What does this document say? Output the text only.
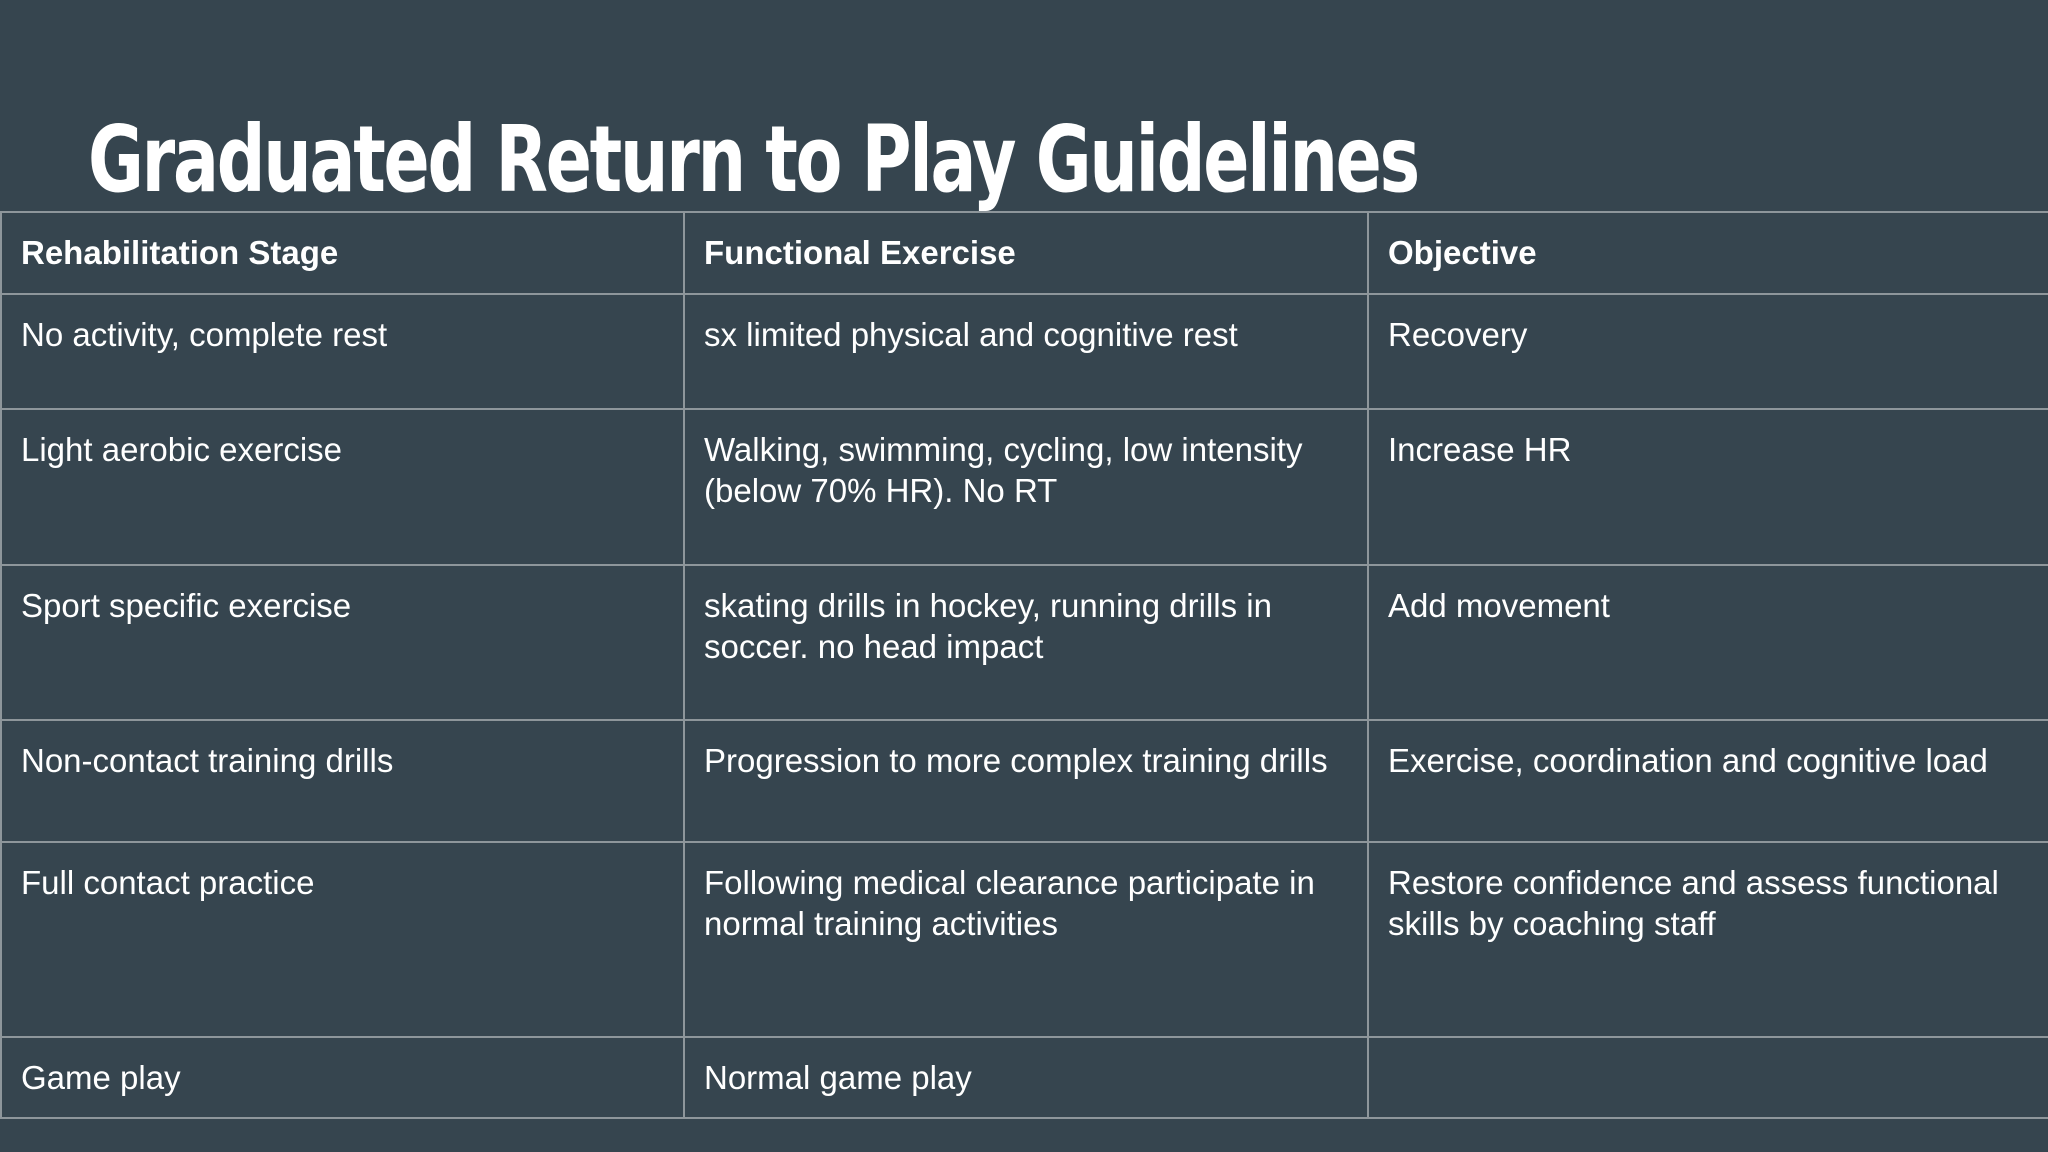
Graduated Return to Play Guidelines
Rehabilitation Stage	Functional Exercise	Objective
No activity, complete rest	sx limited physical and cognitive rest	Recovery
Light aerobic exercise	Walking, swimming, cycling, low intensity (below 70% HR). No RT	Increase HR
Sport specific exercise	skating drills in hockey, running drills in soccer. no head impact	Add movement
Non-contact training drills	Progression to more complex training drills	Exercise, coordination and cognitive load
Full contact practice	Following medical clearance participate in normal training activities	Restore confidence and assess functional skills by coaching staff
Game play	Normal game play	
